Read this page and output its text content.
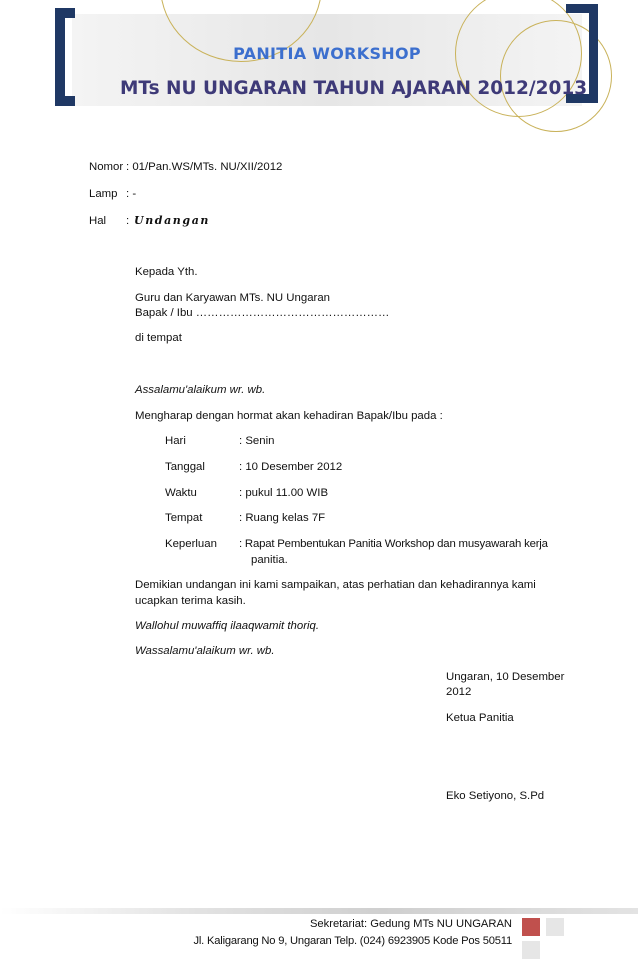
PANITIA WORKSHOP
MTs NU UNGARAN TAHUN AJARAN 2012/2013
Nomor : 01/Pan.WS/MTs. NU/XII/2012
Lamp : -
Hal : Undangan
Kepada Yth.
Guru dan Karyawan MTs. NU Ungaran
Bapak / Ibu ……………………………………………
di tempat
Assalamu'alaikum wr. wb.
Mengharap dengan hormat akan kehadiran Bapak/Ibu pada :
Hari	: Senin
Tanggal	: 10 Desember 2012
Waktu	: pukul 11.00 WIB
Tempat	: Ruang kelas 7F
Keperluan : Rapat Pembentukan Panitia Workshop dan musyawarah kerja
panitia.
Demikian undangan ini kami sampaikan, atas perhatian dan kehadirannya kami
ucapkan terima kasih.
Wallohul muwaffiq ilaaqwamit thoriq.
Wassalamu'alaikum wr. wb.
Ungaran, 10 Desember
2012
Ketua Panitia
Eko Setiyono, S.Pd
Sekretariat: Gedung MTs NU UNGARAN
Jl. Kaligarang No 9, Ungaran Telp. (024) 6923905 Kode Pos 50511
